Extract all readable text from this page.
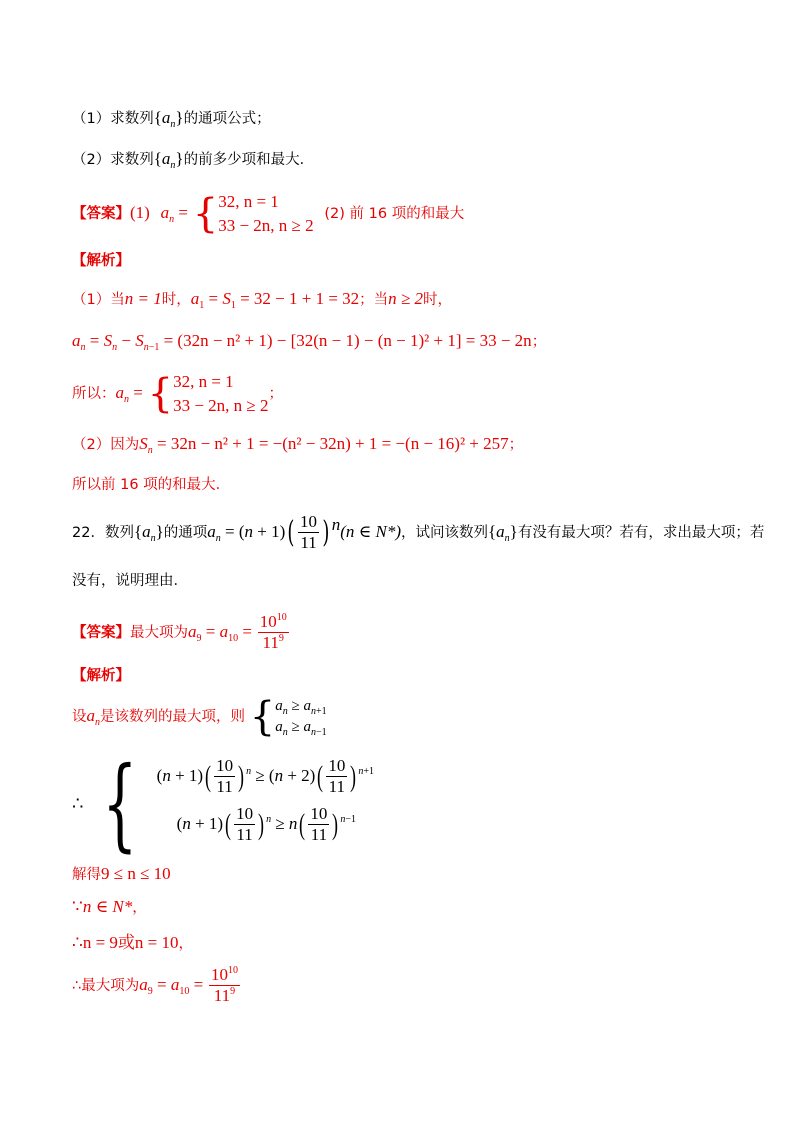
（1）求数列$\{a_n\}$的通项公式；
（2）求数列$\{a_n\}$的前多少项和最大．
【答案】(1) $a_n = \{32$, n = 1
33 − 2n, n ≥ 2 (2) 前 16 项的和最大
【解析】
（1）当n = 1时，$a_1 = S_1 = 32 - 1 + 1 = 32$；当n ≥ 2时，
$a_n = S_n - S_{n-1} = (32n - n^2 + 1) - [32(n - 1) - (n - 1)^2 + 1] = 33 - 2n$；
所以：$a_n = \{32$, n = 1
33 − 2n, n ≥ 2；
（2）因为$S_n = 32n - n^2 + 1 = -(n^2 - 32n) + 1 = -(n - 16)^2 + 257$；
所以前 16 项的和最大．
22．数列$\{a_n\}$的通项$a_n = (n + 1)( \frac{10}{11}$ ) $^n$(n ∈ N*)，试问该数列$\{a_n\}$有没有最大项？若有，求出最大项；若
没有，说明理由．
【答案】最大项为$a_9 = a_{10} = \frac{10^{10}}{11^9}$
【解析】
设$a_n$是该数列的最大项，则 {$a_n \ge a_{n+1}$
$a_n \ge a_{n-1}$
∴ { $(n + 1)( \frac{10}{11}$ ) $^n \ge (n + 2)( \frac{10}{11}$ ) $^{n+1}$
$(n + 1)( \frac{10}{11}$ ) $^n \ge n( \frac{10}{11}$ ) $^{n-1}$
解得9 ≤ n ≤ 10
∵n ∈ N*，
∴n = 9或n = 10，
∴最大项为$a_9 = a_{10} = \frac{10^{10}}{11^9}$
